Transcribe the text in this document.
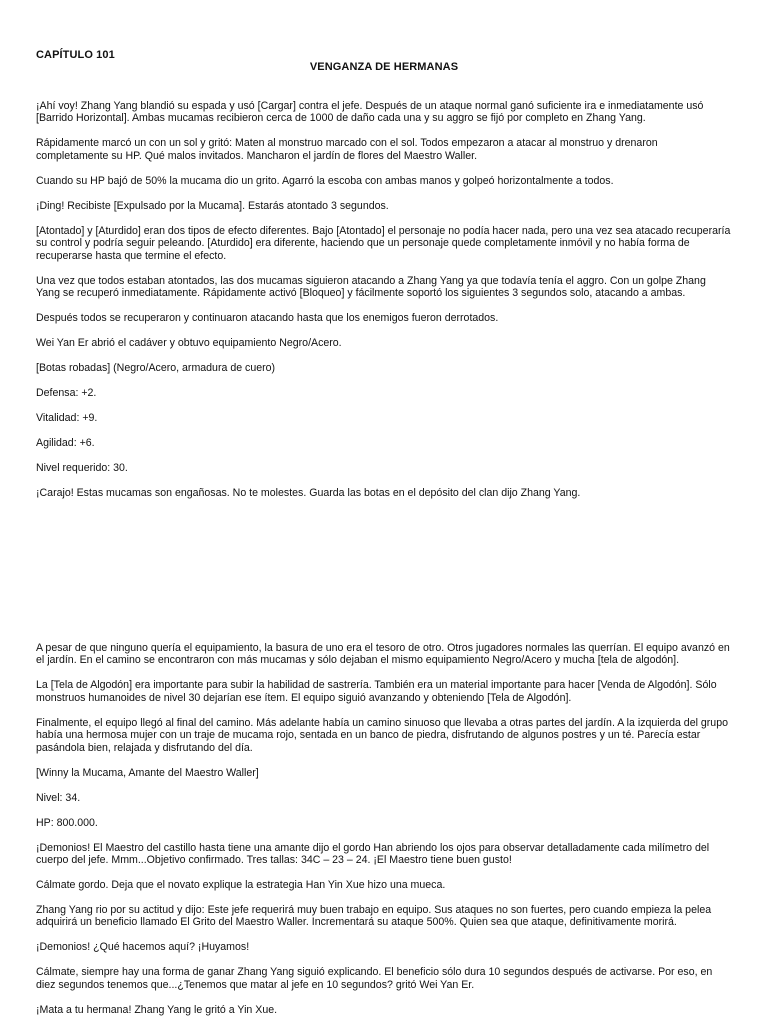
CAPÍTULO 101
VENGANZA DE HERMANAS

¡Ahí voy! Zhang Yang blandió su espada y usó [Cargar] contra el jefe. Después de un ataque normal ganó suficiente ira e inmediatamente usó [Barrido Horizontal]. Ambas mucamas recibieron cerca de 1000 de daño cada una y su aggro se fijó por completo en Zhang Yang.

Rápidamente marcó un con un sol y gritó: Maten al monstruo marcado con el sol. Todos empezaron a atacar al monstruo y drenaron completamente su HP. Qué malos invitados. Mancharon el jardín de flores del Maestro Waller.

Cuando su HP bajó de 50% la mucama dio un grito. Agarró la escoba con ambas manos y golpeó horizontalmente a todos.

¡Ding! Recibiste [Expulsado por la Mucama]. Estarás atontado 3 segundos.

[Atontado] y [Aturdido] eran dos tipos de efecto diferentes. Bajo [Atontado] el personaje no podía hacer nada, pero una vez sea atacado recuperaría su control y podría seguir peleando. [Aturdido] era diferente, haciendo que un personaje quede completamente inmóvil y no había forma de recuperarse hasta que termine el efecto.

Una vez que todos estaban atontados, las dos mucamas siguieron atacando a Zhang Yang ya que todavía tenía el aggro. Con un golpe Zhang Yang se recuperó inmediatamente. Rápidamente activó [Bloqueo] y fácilmente soportó los siguientes 3 segundos solo, atacando a ambas.

Después todos se recuperaron y continuaron atacando hasta que los enemigos fueron derrotados.

Wei Yan Er abrió el cadáver y obtuvo equipamiento Negro/Acero.

[Botas robadas] (Negro/Acero, armadura de cuero)

Defensa: +2.

Vitalidad: +9.

Agilidad: +6.

Nivel requerido: 30.

¡Carajo! Estas mucamas son engañosas. No te molestes. Guarda las botas en el depósito del clan dijo Zhang Yang.

A pesar de que ninguno quería el equipamiento, la basura de uno era el tesoro de otro. Otros jugadores normales las querrían. El equipo avanzó en el jardín. En el camino se encontraron con más mucamas y sólo dejaban el mismo equipamiento Negro/Acero y mucha [tela de algodón].

La [Tela de Algodón] era importante para subir la habilidad de sastrería. También era un material importante para hacer [Venda de Algodón]. Sólo monstruos humanoides de nivel 30 dejarían ese ítem. El equipo siguió avanzando y obteniendo [Tela de Algodón].

Finalmente, el equipo llegó al final del camino. Más adelante había un camino sinuoso que llevaba a otras partes del jardín. A la izquierda del grupo había una hermosa mujer con un traje de mucama rojo, sentada en un banco de piedra, disfrutando de algunos postres y un té. Parecía estar pasándola bien, relajada y disfrutando del día.

[Winny la Mucama, Amante del Maestro Waller]

Nivel: 34.

HP: 800.000.

¡Demonios! El Maestro del castillo hasta tiene una amante dijo el gordo Han abriendo los ojos para observar detalladamente cada milímetro del cuerpo del jefe. Mmm...Objetivo confirmado. Tres tallas: 34C – 23 – 24. ¡El Maestro tiene buen gusto!

Cálmate gordo. Deja que el novato explique la estrategia Han Yin Xue hizo una mueca.

Zhang Yang rio por su actitud y dijo: Este jefe requerirá muy buen trabajo en equipo. Sus ataques no son fuertes, pero cuando empieza la pelea adquirirá un beneficio llamado El Grito del Maestro Waller. Incrementará su ataque 500%. Quien sea que ataque, definitivamente morirá.

¡Demonios! ¿Qué hacemos aquí? ¡Huyamos!

Cálmate, siempre hay una forma de ganar Zhang Yang siguió explicando. El beneficio sólo dura 10 segundos después de activarse. Por eso, en diez segundos tenemos que...¿Tenemos que matar al jefe en 10 segundos? gritó Wei Yan Er.

¡Mata a tu hermana! Zhang Yang le gritó a Yin Xue.
